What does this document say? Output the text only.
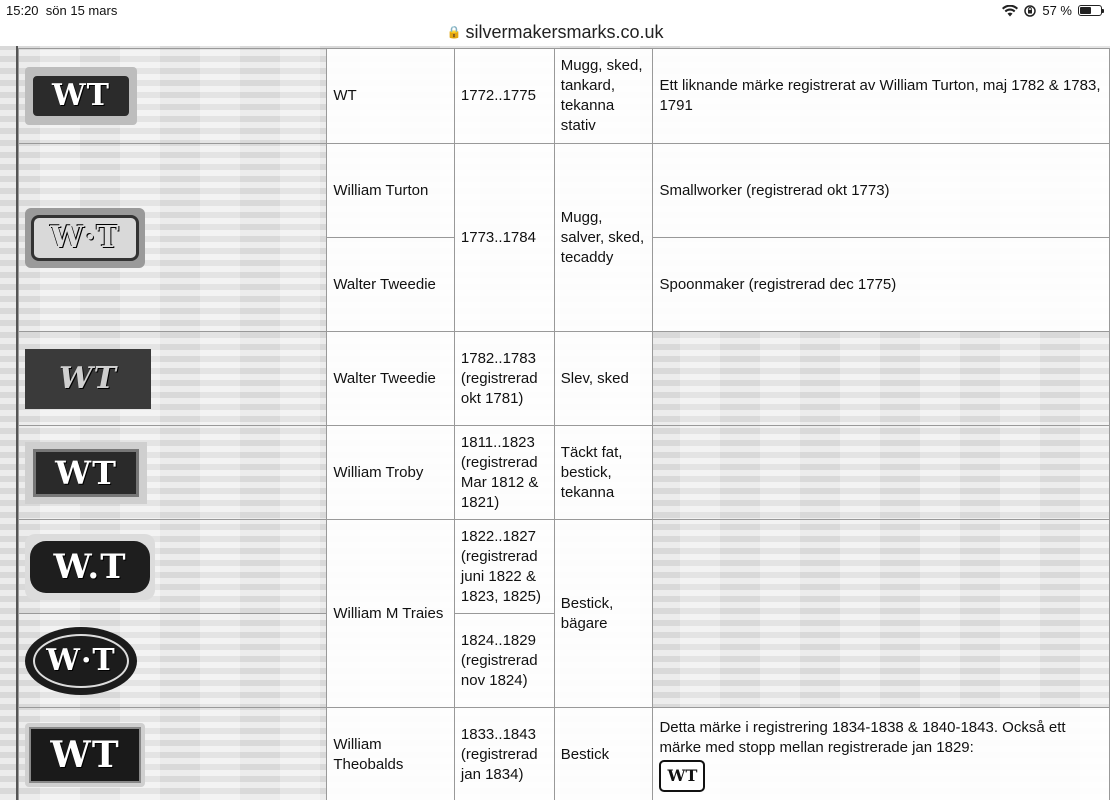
15:20 sön 15 mars	57 %
🔒 silvermakersmarks.co.uk
WT	WT	1772..1775	Mugg, sked, tankard, tekanna stativ	Ett liknande märke registrerat av William Turton, maj 1782 & 1783, 1791

W·T	William Turton	1773..1784	Mugg, salver, sked, tecaddy	Smallworker (registrerad okt 1773)
	Walter Tweedie			Spoonmaker (registrerad dec 1775)

WT	Walter Tweedie	1782..1783 (registrerad okt 1781)	Slev, sked	

WT	William Troby	1811..1823 (registrerad Mar 1812 & 1821)	Täckt fat, bestick, tekanna	

W.T	William M Traies	1822..1827 (registrerad juni 1822 & 1823, 1825)	Bestick, bägare	

W·T		1824..1829 (registrerad nov 1824)		

WT	William Theobalds	1833..1843 (registrerad jan 1834)	Bestick	Detta märke i registrering 1834-1838 & 1840-1843. Också ett märke med stopp mellan registrerade jan 1829:
WT
